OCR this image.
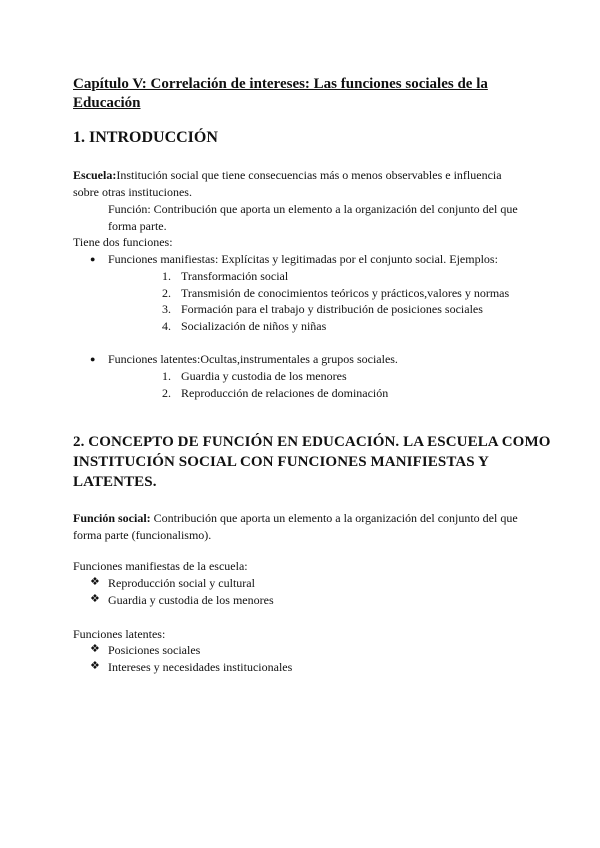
Capítulo V: Correlación de intereses: Las funciones sociales de la
Educación
1. INTRODUCCIÓN
Escuela:Institución social que tiene consecuencias más o menos observables e influencia
sobre otras instituciones.
Función: Contribución que aporta un elemento a la organización del conjunto del que
forma parte.
Tiene dos funciones:
● Funciones manifiestas: Explícitas y legitimadas por el conjunto social. Ejemplos:
1. Transformación social
2. Transmisión de conocimientos teóricos y prácticos,valores y normas
3. Formación para el trabajo y distribución de posiciones sociales
4. Socialización de niños y niñas
● Funciones latentes:Ocultas,instrumentales a grupos sociales.
1. Guardia y custodia de los menores
2. Reproducción de relaciones de dominación
2. CONCEPTO DE FUNCIÓN EN EDUCACIÓN. LA ESCUELA COMO
INSTITUCIÓN SOCIAL CON FUNCIONES MANIFIESTAS Y
LATENTES.
Función social: Contribución que aporta un elemento a la organización del conjunto del que
forma parte (funcionalismo).
Funciones manifiestas de la escuela:
❖ Reproducción social y cultural
❖ Guardia y custodia de los menores
Funciones latentes:
❖ Posiciones sociales
❖ Intereses y necesidades institucionales
